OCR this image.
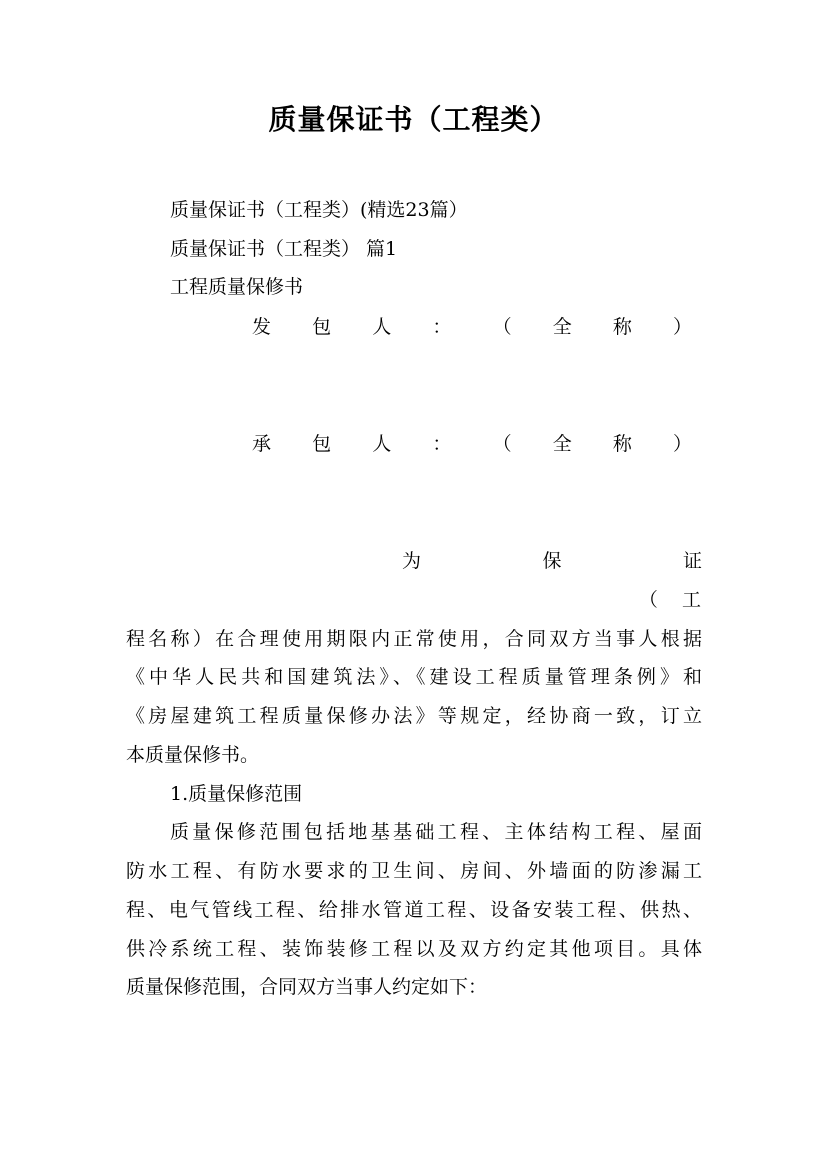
质量保证书（工程类）
质量保证书（工程类）(精选23篇）
质量保证书（工程类） 篇1
工程质量保修书
发 包 人 ： （ 全 称 ）
承 包 人 ： （ 全 称 ）
为	保	证
（    工
程名称）在合理使用期限内正常使用，合同双方当事人根据
《中华人民共和国建筑法》、《建设工程质量管理条例》和
《房屋建筑工程质量保修办法》等规定，经协商一致，订立
本质量保修书。
1.质量保修范围
质量保修范围包括地基基础工程、主体结构工程、屋面
防水工程、有防水要求的卫生间、房间、外墙面的防渗漏工
程、电气管线工程、给排水管道工程、设备安装工程、供热、
供冷系统工程、装饰装修工程以及双方约定其他项目。具体
质量保修范围，合同双方当事人约定如下：
